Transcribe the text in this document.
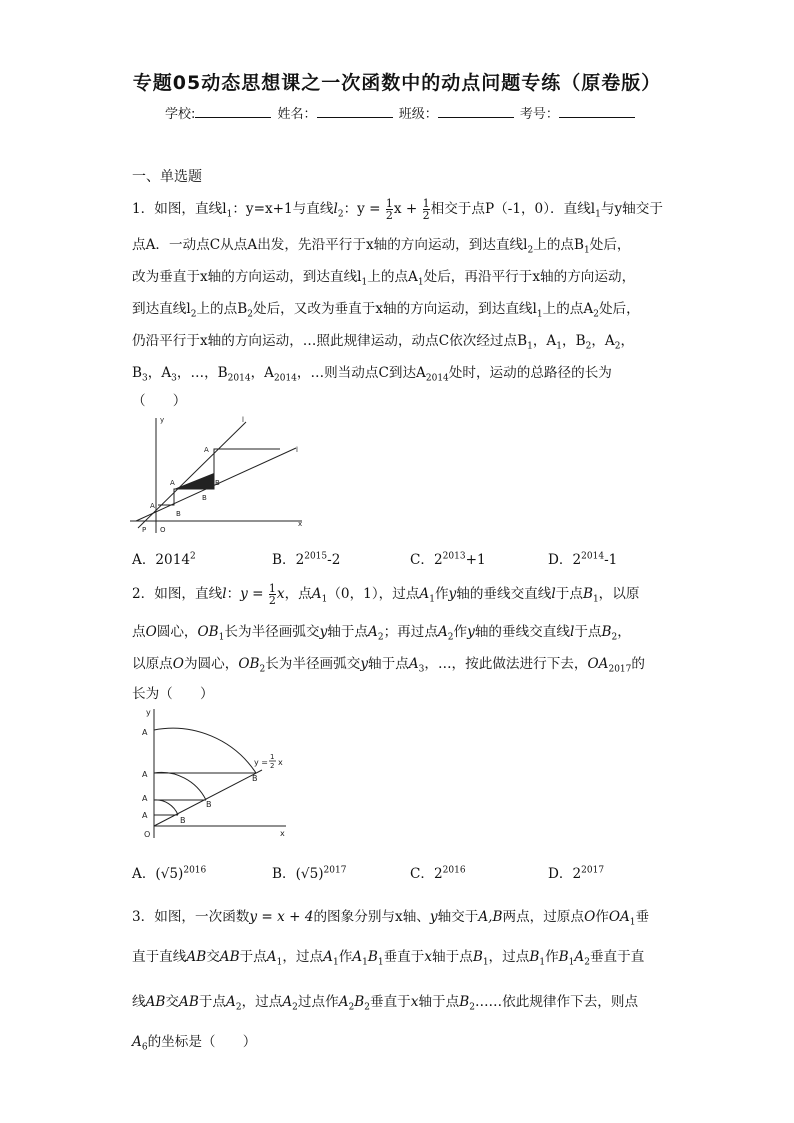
专题05动态思想课之一次函数中的动点问题专练（原卷版）
学校:	姓名：	班级：	考号：
一、单选题
1．如图，直线$l_1$：y=x+1与直线$l_2$：$y = \frac{1}{2}$ $x + \frac{1}{2}$ 相交于点P（-1，0）．直线$l_1$与y轴交于
点A．一动点C从点A出发，先沿平行于x轴的方向运动，到达直线$l_2$上的点$B_1$处后，
改为垂直于x轴的方向运动，到达直线$l_1$上的点$A_1$处后，再沿平行于x轴的方向运动，
到达直线$l_2$上的点$B_2$处后，又改为垂直于x轴的方向运动，到达直线$l_1$上的点$A_2$处后，
仍沿平行于x轴的方向运动，…照此规律运动，动点C依次经过点$B_1$，$A_1$，$B_2$，$A_2$，
$B_3$，$A_3$，…，$B_{2014}$，$A_{2014}$，…则当动点C到达$A_{2014}$处时，运动的总路径的长为
（　　）
y	l
A
B
A
B
A
B
P O
x
l
A．2014$^2$	B．$2^{2015}-2$	C．$2^{2013}+1$	D．$2^{2014}-1$
2．如图，直线l：$y = \frac{1}{2}$ x，点$A_1(0$，1），过点$A_1$作y轴的垂线交直线l于点$B_1$，以原
点O圆心，$OB_1$长为半径画弧交y轴于点$A_2$；再过点$A_2$作y轴的垂线交直线l于点$B_2$，
以原点O为圆心，$OB_2$长为半径画弧交y轴于点$A_3$，…，按此做法进行下去，$OA_{2017}$的
长为（　　）
y
A
A
A
A
B
B
B
O	x
y =
1
2 x
A．$(√5)^{2016}$	B．$(√5)^{2017}$	C．$2^{2016}$	D．$2^{2017}$
3．如图，一次函数y = x + 4的图象分别与x轴、y轴交于A,B两点，过原点O作$OA_1$垂
直于直线AB交AB于点$A_1$，过点$A_1$作$A_1B_1$垂直于x轴于点$B_1$，过点$B_1$作$B_1A_2$垂直于直
线AB交AB于点$A_2$，过点$A_2$过点作$A_2B_2$垂直于x轴于点$B_2\dots\dots$依此规律作下去，则点
$A_6$的坐标是（　　）
